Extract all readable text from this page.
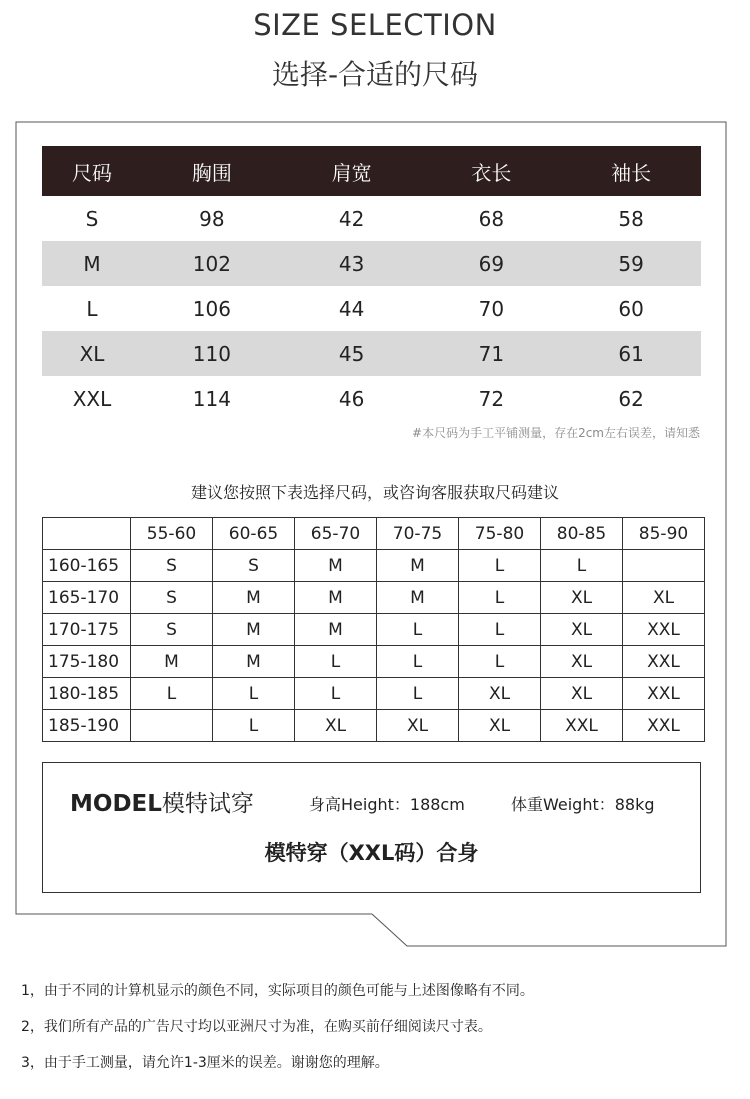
SIZE SELECTION
选择-合适的尺码
尺码	胸围	肩宽	衣长	袖长
S	98	42	68	58
M	102	43	69	59
L	106	44	70	60
XL	110	45	71	61
XXL	114	46	72	62
#本尺码为手工平铺测量，存在2cm左右误差，请知悉
建议您按照下表选择尺码，或咨询客服获取尺码建议
	55-60	60-65	65-70	70-75	75-80	80-85	85-90
160-165	S	S	M	M	L	L	
165-170	S	M	M	M	L	XL	XL
170-175	S	M	M	L	L	XL	XXL
175-180	M	M	L	L	L	XL	XXL
180-185	L	L	L	L	XL	XL	XXL
185-190		L	XL	XL	XL	XXL	XXL
MODEL模特试穿	身高Height：188cm	体重Weight：88kg
模特穿（XXL码）合身
1，由于不同的计算机显示的颜色不同，实际项目的颜色可能与上述图像略有不同。
2，我们所有产品的广告尺寸均以亚洲尺寸为准，在购买前仔细阅读尺寸表。
3，由于手工测量，请允许1-3厘米的误差。谢谢您的理解。
